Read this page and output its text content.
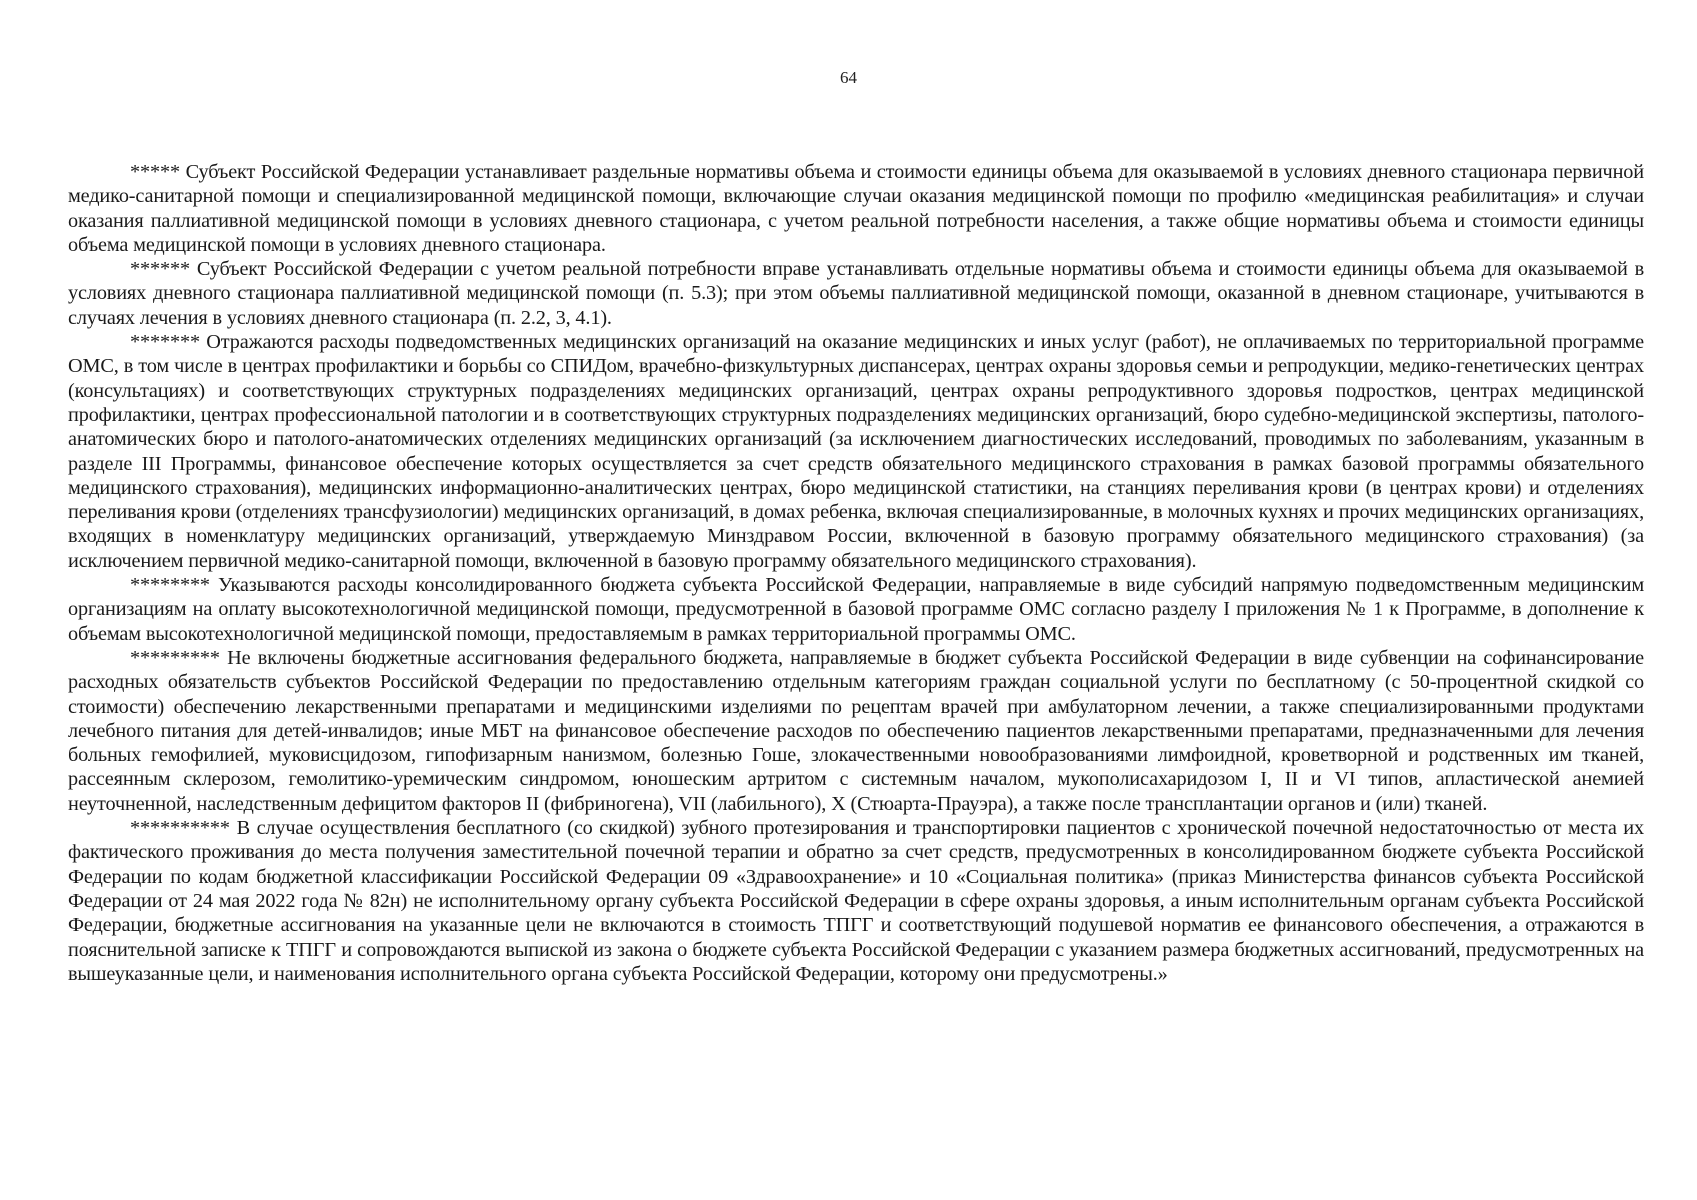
64

***** Субъект Российской Федерации устанавливает раздельные нормативы объема и стоимости единицы объема для оказываемой в условиях дневного стационара первичной медико-санитарной помощи и специализированной медицинской помощи, включающие случаи оказания медицинской помощи по профилю «медицинская реабилитация» и случаи оказания паллиативной медицинской помощи в условиях дневного стационара, с учетом реальной потребности населения, а также общие нормативы объема и стоимости единицы объема медицинской помощи в условиях дневного стационара.

****** Субъект Российской Федерации с учетом реальной потребности вправе устанавливать отдельные нормативы объема и стоимости единицы объема для оказываемой в условиях дневного стационара паллиативной медицинской помощи (п. 5.3); при этом объемы паллиативной медицинской помощи, оказанной в дневном стационаре, учитываются в случаях лечения в условиях дневного стационара (п. 2.2, 3, 4.1).

******* Отражаются расходы подведомственных медицинских организаций на оказание медицинских и иных услуг (работ), не оплачиваемых по территориальной программе ОМС, в том числе в центрах профилактики и борьбы со СПИДом, врачебно-физкультурных диспансерах, центрах охраны здоровья семьи и репродукции, медико-генетических центрах (консультациях) и соответствующих структурных подразделениях медицинских организаций, центрах охраны репродуктивного здоровья подростков, центрах медицинской профилактики, центрах профессиональной патологии и в соответствующих структурных подразделениях медицинских организаций, бюро судебно-медицинской экспертизы, патолого-анатомических бюро и патолого-анатомических отделениях медицинских организаций (за исключением диагностических исследований, проводимых по заболеваниям, указанным в разделе III Программы, финансовое обеспечение которых осуществляется за счет средств обязательного медицинского страхования в рамках базовой программы обязательного медицинского страхования), медицинских информационно-аналитических центрах, бюро медицинской статистики, на станциях переливания крови (в центрах крови) и отделениях переливания крови (отделениях трансфузиологии) медицинских организаций, в домах ребенка, включая специализированные, в молочных кухнях и прочих медицинских организациях, входящих в номенклатуру медицинских организаций, утверждаемую Минздравом России, включенной в базовую программу обязательного медицинского страхования) (за исключением первичной медико-санитарной помощи, включенной в базовую программу обязательного медицинского страхования).

******** Указываются расходы консолидированного бюджета субъекта Российской Федерации, направляемые в виде субсидий напрямую подведомственным медицинским организациям на оплату высокотехнологичной медицинской помощи, предусмотренной в базовой программе ОМС согласно разделу I приложения № 1 к Программе, в дополнение к объемам высокотехнологичной медицинской помощи, предоставляемым в рамках территориальной программы ОМС.

********* Не включены бюджетные ассигнования федерального бюджета, направляемые в бюджет субъекта Российской Федерации в виде субвенции на софинансирование расходных обязательств субъектов Российской Федерации по предоставлению отдельным категориям граждан социальной услуги по бесплатному (с 50-процентной скидкой со стоимости) обеспечению лекарственными препаратами и медицинскими изделиями по рецептам врачей при амбулаторном лечении, а также специализированными продуктами лечебного питания для детей-инвалидов; иные МБТ на финансовое обеспечение расходов по обеспечению пациентов лекарственными препаратами, предназначенными для лечения больных гемофилией, муковисцидозом, гипофизарным нанизмом, болезнью Гоше, злокачественными новообразованиями лимфоидной, кроветворной и родственных им тканей, рассеянным склерозом, гемолитико-уремическим синдромом, юношеским артритом с системным началом, мукополисахаридозом I, II и VI типов, апластической анемией неуточненной, наследственным дефицитом факторов II (фибриногена), VII (лабильного), X (Стюарта-Прауэра), а также после трансплантации органов и (или) тканей.

********** В случае осуществления бесплатного (со скидкой) зубного протезирования и транспортировки пациентов с хронической почечной недостаточностью от места их фактического проживания до места получения заместительной почечной терапии и обратно за счет средств, предусмотренных в консолидированном бюджете субъекта Российской Федерации по кодам бюджетной классификации Российской Федерации 09 «Здравоохранение» и 10 «Социальная политика» (приказ Министерства финансов субъекта Российской Федерации от 24 мая 2022 года № 82н) не исполнительному органу субъекта Российской Федерации в сфере охраны здоровья, а иным исполнительным органам субъекта Российской Федерации, бюджетные ассигнования на указанные цели не включаются в стоимость ТПГГ и соответствующий подушевой норматив ее финансового обеспечения, а отражаются в пояснительной записке к ТПГГ и сопровождаются выпиской из закона о бюджете субъекта Российской Федерации с указанием размера бюджетных ассигнований, предусмотренных на вышеуказанные цели, и наименования исполнительного органа субъекта Российской Федерации, которому они предусмотрены.»
